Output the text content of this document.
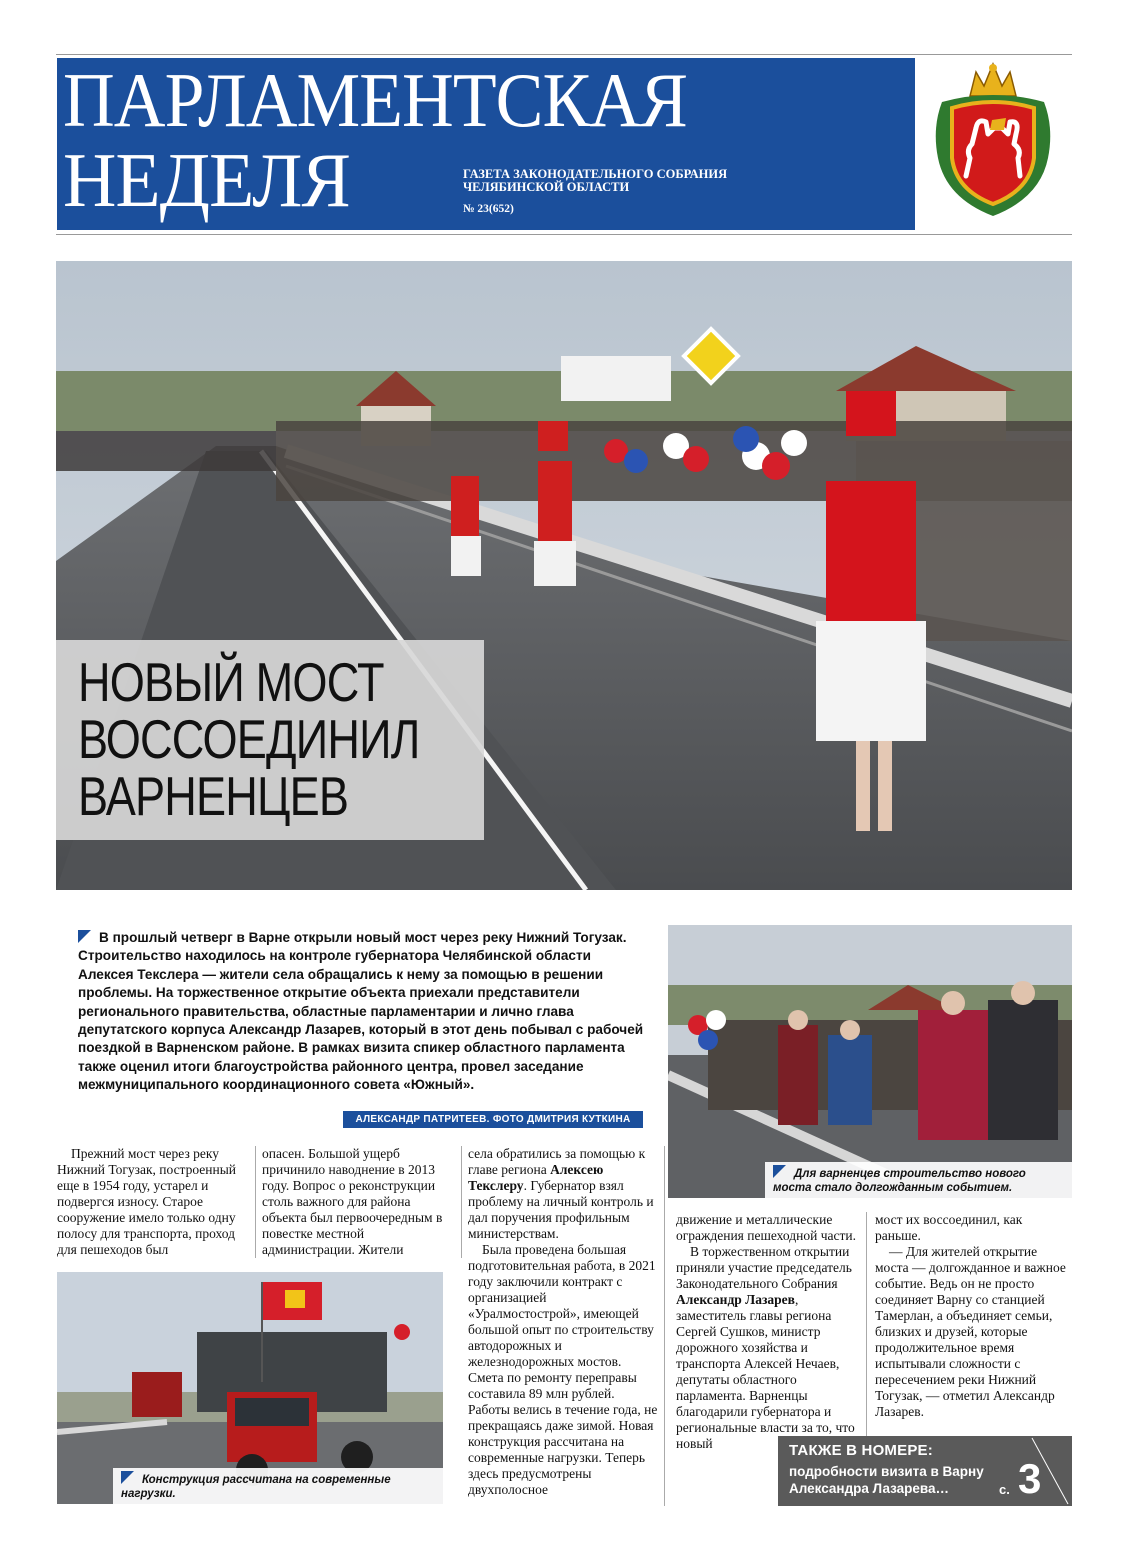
ПАРЛАМЕНТСКАЯ
НЕДЕЛЯ	ГАЗЕТА ЗАКОНОДАТЕЛЬНОГО СОБРАНИЯ
ЧЕЛЯБИНСКОЙ ОБЛАСТИ
№ 23(652)
НОВЫЙ МОСТ
ВОССОЕДИНИЛ
ВАРНЕНЦЕВ
В прошлый четверг в Варне открыли новый мост через реку Нижний Тогузак. Строительство находилось на контроле губернатора Челябинской области Алексея Текслера — жители села обращались к нему за помощью в решении проблемы. На торжественное открытие объекта приехали представители регионального правительства, областные парламентарии и лично глава депутатского корпуса Александр Лазарев, который в этот день побывал с рабочей поездкой в Варненском районе. В рамках визита спикер областного парламента также оценил итоги благоустройства районного центра, провел заседание межмуниципального координационного совета «Южный».
АЛЕКСАНДР ПАТРИТЕЕВ. ФОТО ДМИТРИЯ КУТКИНА

Прежний мост через реку Нижний Тогузак, построенный еще в 1954 году, устарел и подвергся износу. Старое сооружение имело только одну полосу для транспорта, проход для пешеходов был

опасен. Большой ущерб причинило наводнение в 2013 году. Вопрос о реконструкции столь важного для района объекта был первоочередным в повестке местной администрации. Жители

села обратились за помощью к главе региона Алексею Текслеру. Губернатор взял проблему на личный контроль и дал поручения профильным министерствам.

Была проведена большая подготовительная работа, в 2021 году заключили контракт с организацией «Уралмостострой», имеющей большой опыт по строительству автодорожных и железнодорожных мостов. Смета по ремонту переправы составила 89 млн рублей. Работы велись в течение года, не прекращаясь даже зимой. Новая конструкция рассчитана на современные нагрузки. Теперь здесь предусмотрены двухполосное

движение и металлические ограждения пешеходной части.

В торжественном открытии приняли участие председатель Законодательного Собрания Александр Лазарев, заместитель главы региона Сергей Сушков, министр дорожного хозяйства и транспорта Алексей Нечаев, депутаты областного парламента. Варненцы благодарили губернатора и региональные власти за то, что новый

мост их воссоединил, как раньше.

— Для жителей открытие моста — долгожданное и важное событие. Ведь он не просто соединяет Варну со станцией Тамерлан, а объединяет семьи, близких и друзей, которые продолжительное время испытывали сложности с пересечением реки Нижний Тогузак, — отметил Александр Лазарев.

Для варненцев строительство нового моста стало долгожданным событием.
Конструкция рассчитана на современные нагрузки.
ТАКЖЕ В НОМЕРЕ:
подробности визита в Варну Александра Лазарева…	с. 3
